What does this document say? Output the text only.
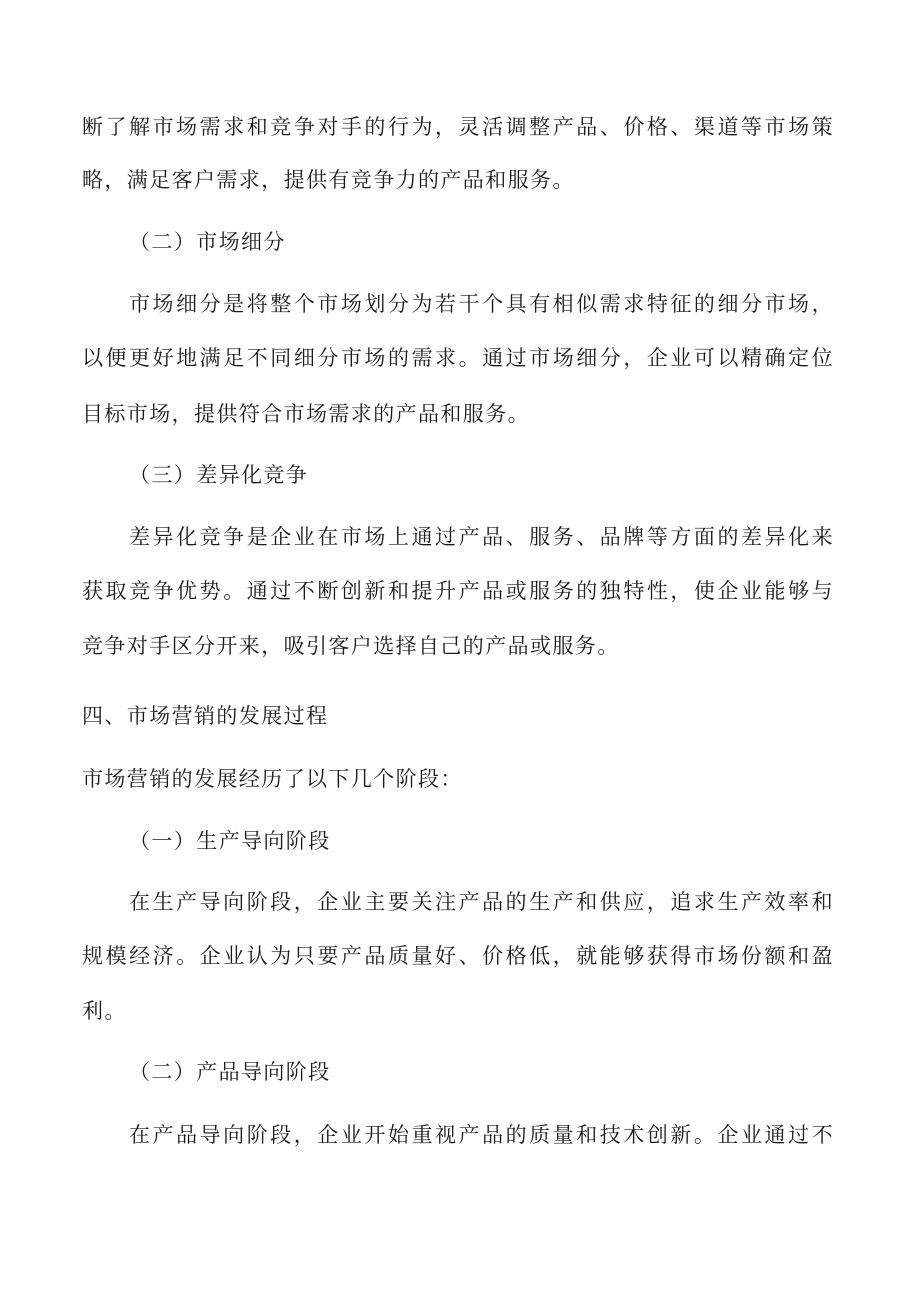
断了解市场需求和竞争对手的行为，灵活调整产品、价格、渠道等市场策
略，满足客户需求，提供有竞争力的产品和服务。
（二）市场细分
市场细分是将整个市场划分为若干个具有相似需求特征的细分市场，
以便更好地满足不同细分市场的需求。通过市场细分，企业可以精确定位
目标市场，提供符合市场需求的产品和服务。
（三）差异化竞争
差异化竞争是企业在市场上通过产品、服务、品牌等方面的差异化来
获取竞争优势。通过不断创新和提升产品或服务的独特性，使企业能够与
竞争对手区分开来，吸引客户选择自己的产品或服务。
四、市场营销的发展过程
市场营销的发展经历了以下几个阶段：
（一）生产导向阶段
在生产导向阶段，企业主要关注产品的生产和供应，追求生产效率和
规模经济。企业认为只要产品质量好、价格低，就能够获得市场份额和盈
利。
（二）产品导向阶段
在产品导向阶段，企业开始重视产品的质量和技术创新。企业通过不
